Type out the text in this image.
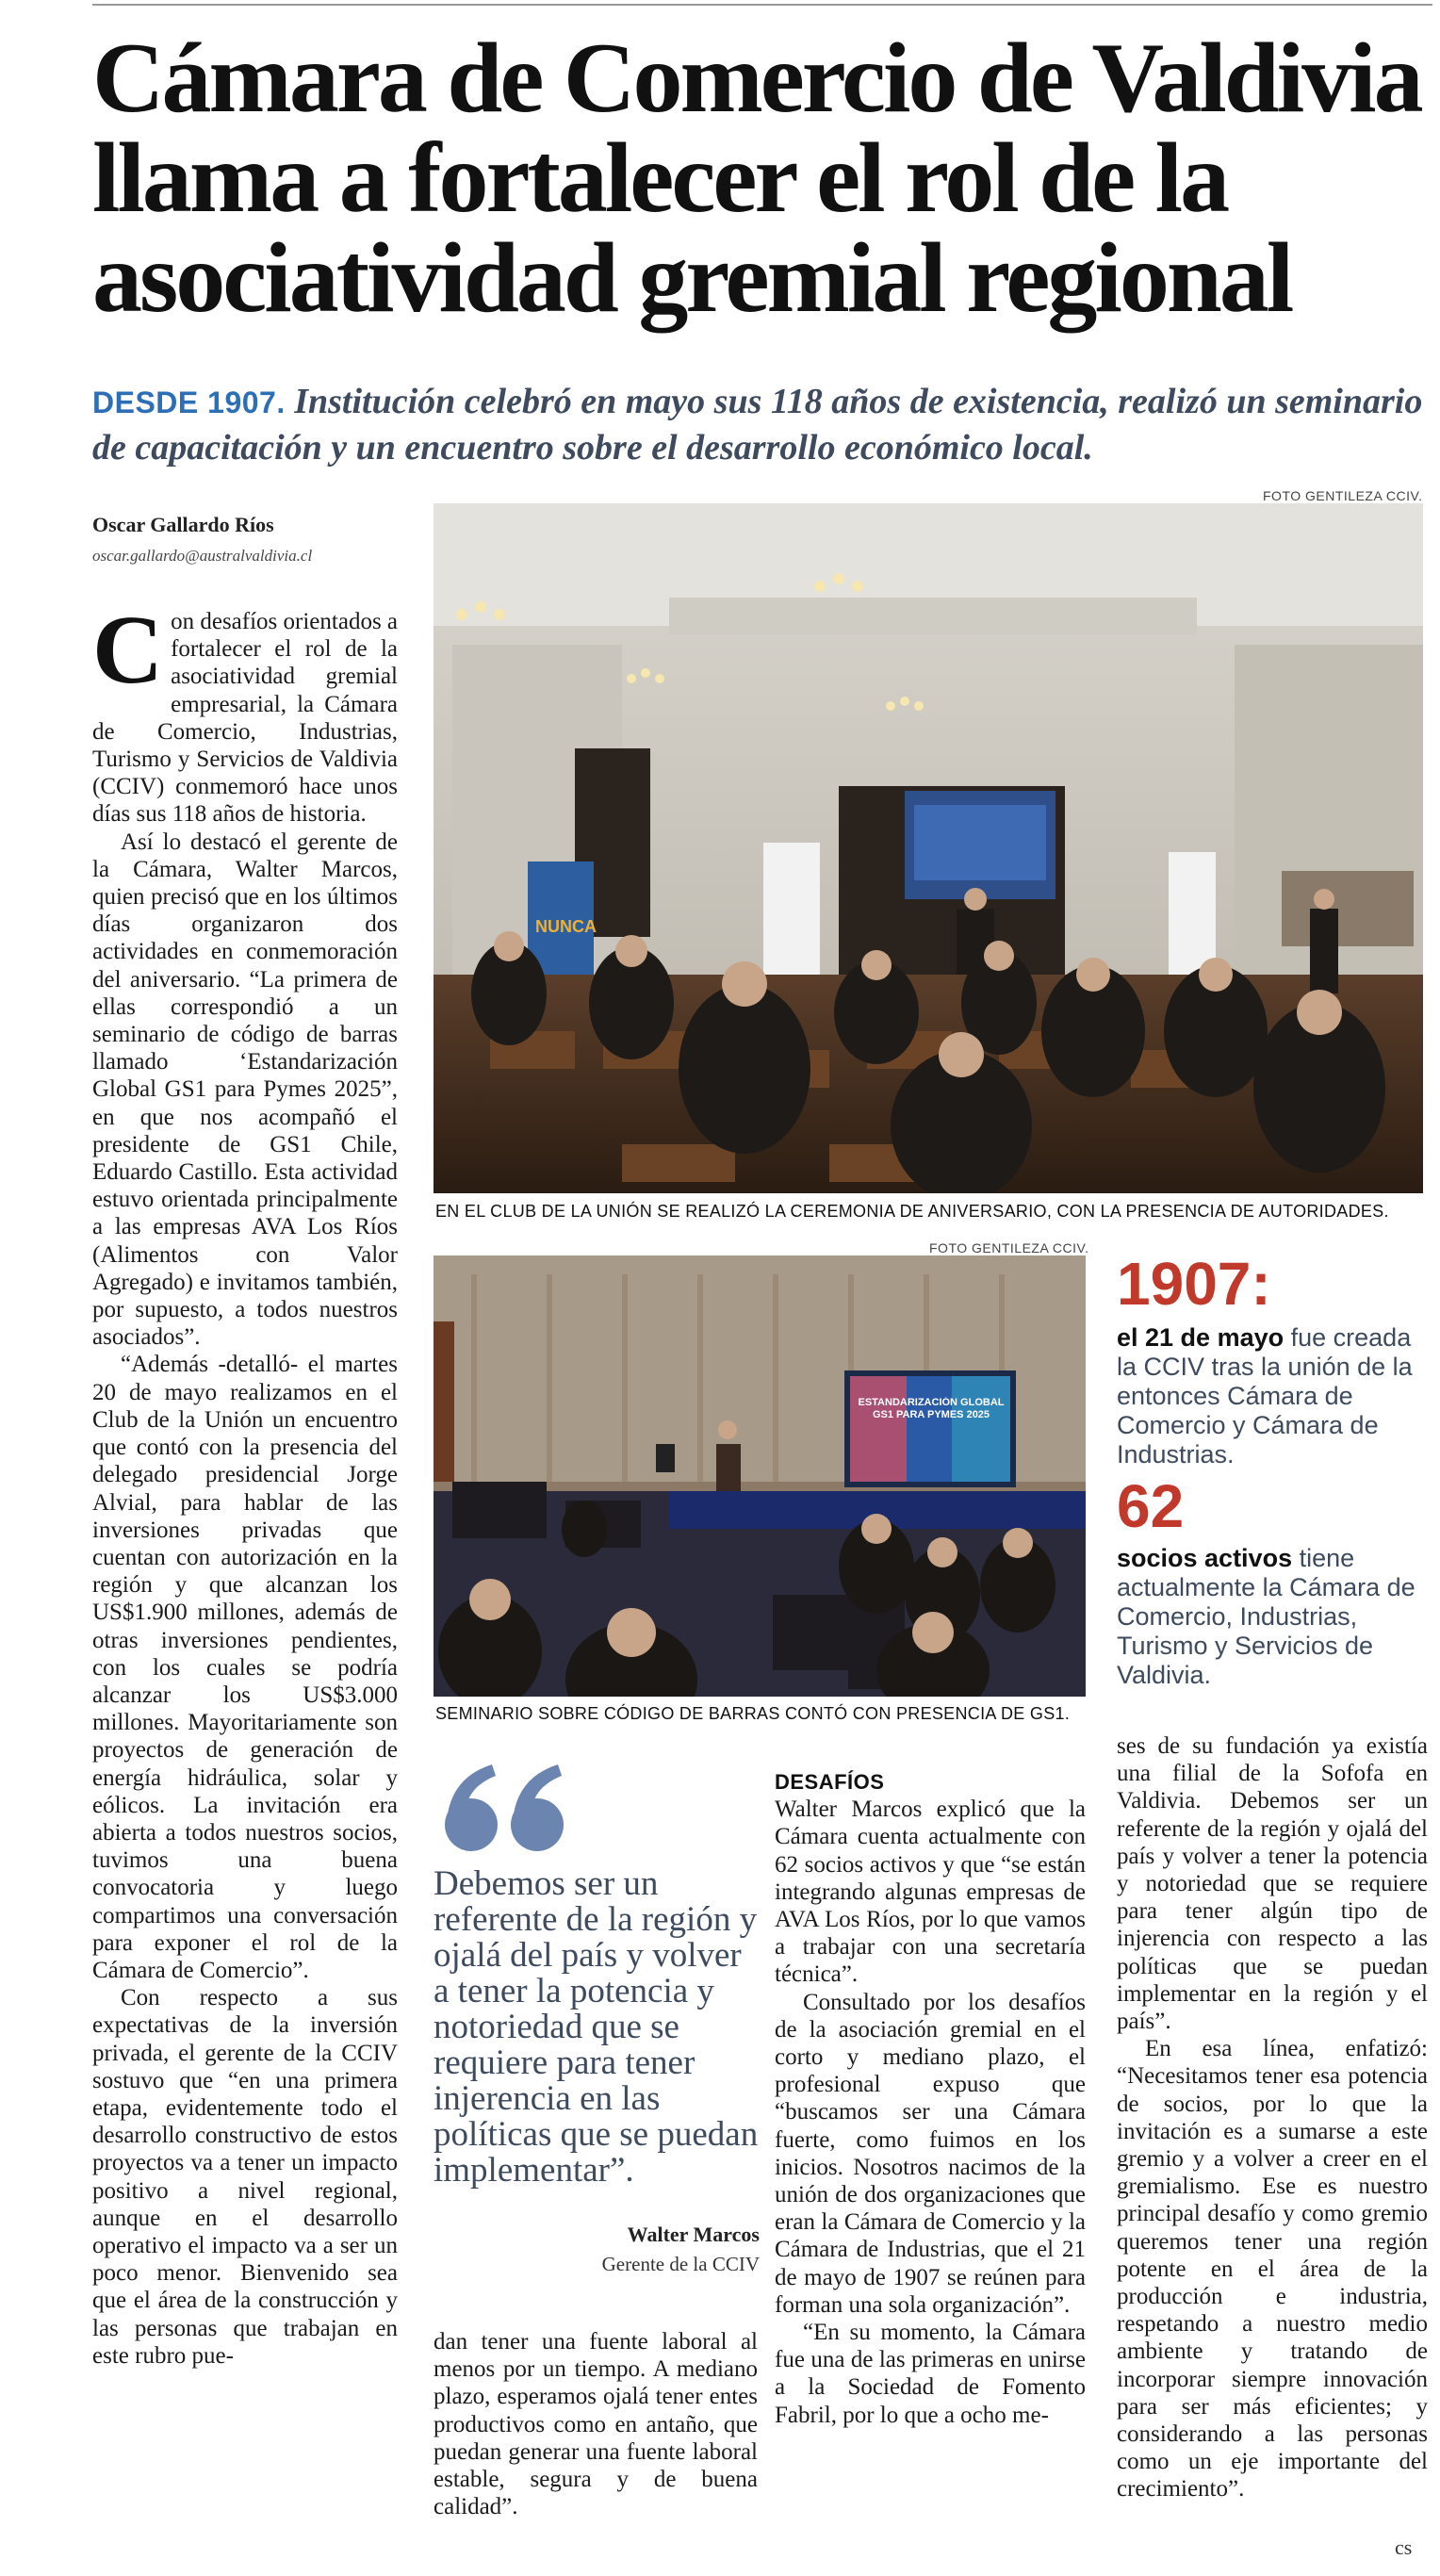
Cámara de Comercio de Valdivia
llama a fortalecer el rol de la
asociatividad gremial regional
DESDE 1907. Institución celebró en mayo sus 118 años de existencia, realizó un seminario de capacitación y un encuentro sobre el desarrollo económico local.
Oscar Gallardo Ríos
oscar.gallardo@australvaldivia.cl

Con desafíos orientados a fortalecer el rol de la asociatividad gremial empresarial, la Cámara de Comercio, Industrias, Turismo y Servicios de Valdivia (CCIV) conmemoró hace unos días sus 118 años de historia.

Así lo destacó el gerente de la Cámara, Walter Marcos, quien precisó que en los últimos días organizaron dos actividades en conmemoración del aniversario. “La primera de ellas correspondió a un seminario de código de barras llamado ‘Estandarización Global GS1 para Pymes 2025”, en que nos acompañó el presidente de GS1 Chile, Eduardo Castillo. Esta actividad estuvo orientada principalmente a las empresas AVA Los Ríos (Alimentos con Valor Agregado) e invitamos también, por supuesto, a todos nuestros asociados”.

“Además -detalló- el martes 20 de mayo realizamos en el Club de la Unión un encuentro que contó con la presencia del delegado presidencial Jorge Alvial, para hablar de las inversiones privadas que cuentan con autorización en la región y que alcanzan los US$1.900 millones, además de otras inversiones pendientes, con los cuales se podría alcanzar los US$3.000 millones. Mayoritariamente son proyectos de generación de energía hidráulica, solar y eólicos. La invitación era abierta a todos nuestros socios, tuvimos una buena convocatoria y luego compartimos una conversación para exponer el rol de la Cámara de Comercio”.

Con respecto a sus expectativas de la inversión privada, el gerente de la CCIV sostuvo que “en una primera etapa, evidentemente todo el desarrollo constructivo de estos proyectos va a tener un impacto positivo a nivel regional, aunque en el desarrollo operativo el impacto va a ser un poco menor. Bienvenido sea que el área de la construcción y las personas que trabajan en este rubro pue-

FOTO GENTILEZA CCIV.
NUNCA
EN EL CLUB DE LA UNIÓN SE REALIZÓ LA CEREMONIA DE ANIVERSARIO, CON LA PRESENCIA DE AUTORIDADES.
FOTO GENTILEZA CCIV.
ESTANDARIZACIÓN GLOBAL GS1 PARA PYMES 2025
SEMINARIO SOBRE CÓDIGO DE BARRAS CONTÓ CON PRESENCIA DE GS1.
1907:
el 21 de mayo fue creada la CCIV tras la unión de la entonces Cámara de Comercio y Cámara de Industrias.
62
socios activos tiene actualmente la Cámara de Comercio, Industrias, Turismo y Servicios de Valdivia.
Debemos ser un referente de la región y ojalá del país y volver a tener la potencia y notoriedad que se requiere para tener injerencia en las políticas que se puedan implementar”.
Walter Marcos
Gerente de la CCIV

dan tener una fuente laboral al menos por un tiempo. A mediano plazo, esperamos ojalá tener entes productivos como en antaño, que puedan generar una fuente laboral estable, segura y de buena calidad”.

DESAFÍOS

Walter Marcos explicó que la Cámara cuenta actualmente con 62 socios activos y que “se están integrando algunas empresas de AVA Los Ríos, por lo que vamos a trabajar con una secretaría técnica”.

Consultado por los desafíos de la asociación gremial en el corto y mediano plazo, el profesional expuso que “buscamos ser una Cámara fuerte, como fuimos en los inicios. Nosotros nacimos de la unión de dos organizaciones que eran la Cámara de Comercio y la Cámara de Industrias, que el 21 de mayo de 1907 se reúnen para forman una sola organización”.

“En su momento, la Cámara fue una de las primeras en unirse a la Sociedad de Fomento Fabril, por lo que a ocho me-

ses de su fundación ya existía una filial de la Sofofa en Valdivia. Debemos ser un referente de la región y ojalá del país y volver a tener la potencia y notoriedad que se requiere para tener algún tipo de injerencia con respecto a las políticas que se puedan implementar en la región y el país”.

En esa línea, enfatizó: “Necesitamos tener esa potencia de socios, por lo que la invitación es a sumarse a este gremio y a volver a creer en el gremialismo. Ese es nuestro principal desafío y como gremio queremos tener una región potente en el área de la producción e industria, respetando a nuestro medio ambiente y tratando de incorporar siempre innovación para ser más eficientes; y considerando a las personas como un eje importante del crecimiento”.

cs
